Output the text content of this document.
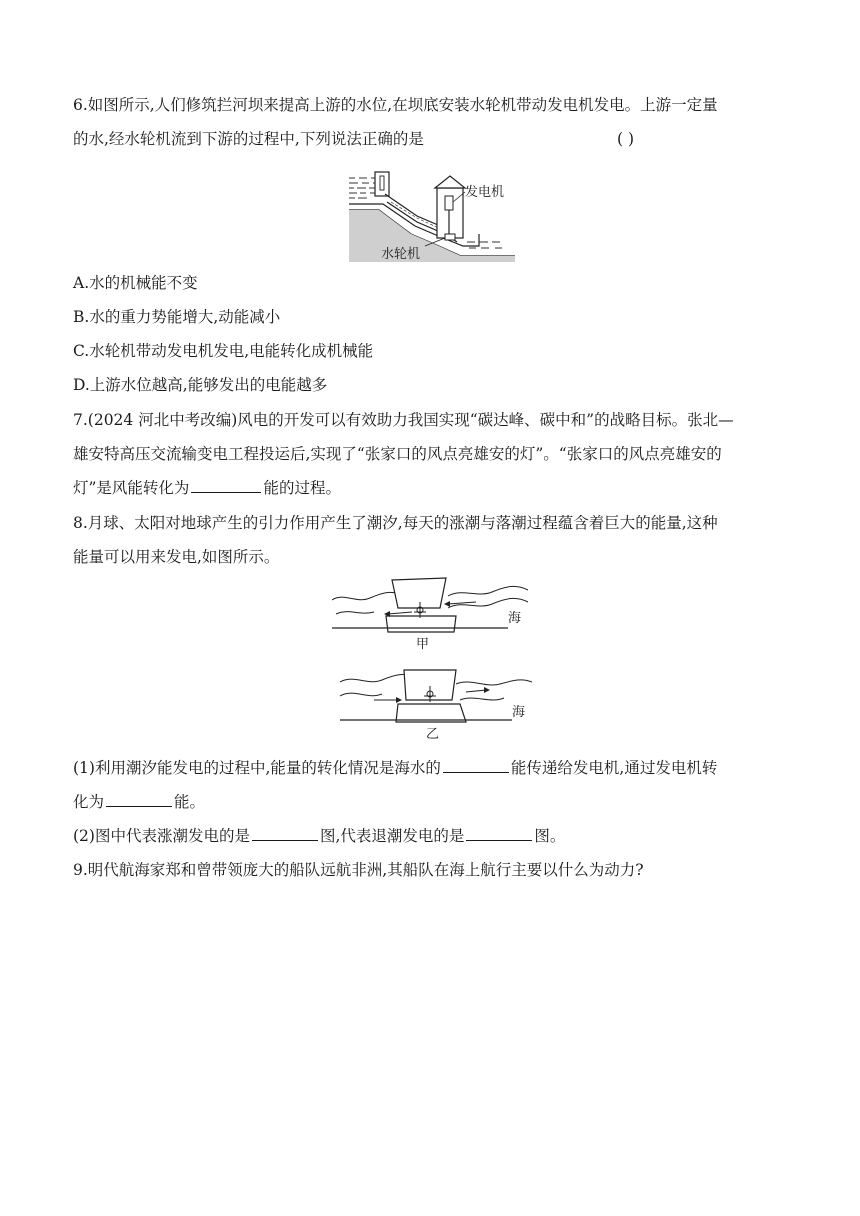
6.如图所示,人们修筑拦河坝来提高上游的水位,在坝底安装水轮机带动发电机发电。上游一定量
的水,经水轮机流到下游的过程中,下列说法正确的是	( )
发电机
水轮机
A.水的机械能不变
B.水的重力势能增大,动能减小
C.水轮机带动发电机发电,电能转化成机械能
D.上游水位越高,能够发出的电能越多
7.(2024 河北中考改编)风电的开发可以有效助力我国实现“碳达峰、碳中和”的战略目标。张北—
雄安特高压交流输变电工程投运后,实现了“张家口的风点亮雄安的灯”。“张家口的风点亮雄安的
灯”是风能转化为	能的过程。
8.月球、太阳对地球产生的引力作用产生了潮汐,每天的涨潮与落潮过程蕴含着巨大的能量,这种
能量可以用来发电,如图所示。
海
甲
海
乙
(1)利用潮汐能发电的过程中,能量的转化情况是海水的	能传递给发电机,通过发电机转
化为	能。
(2)图中代表涨潮发电的是	图,代表退潮发电的是	图。
9.明代航海家郑和曾带领庞大的船队远航非洲,其船队在海上航行主要以什么为动力?
